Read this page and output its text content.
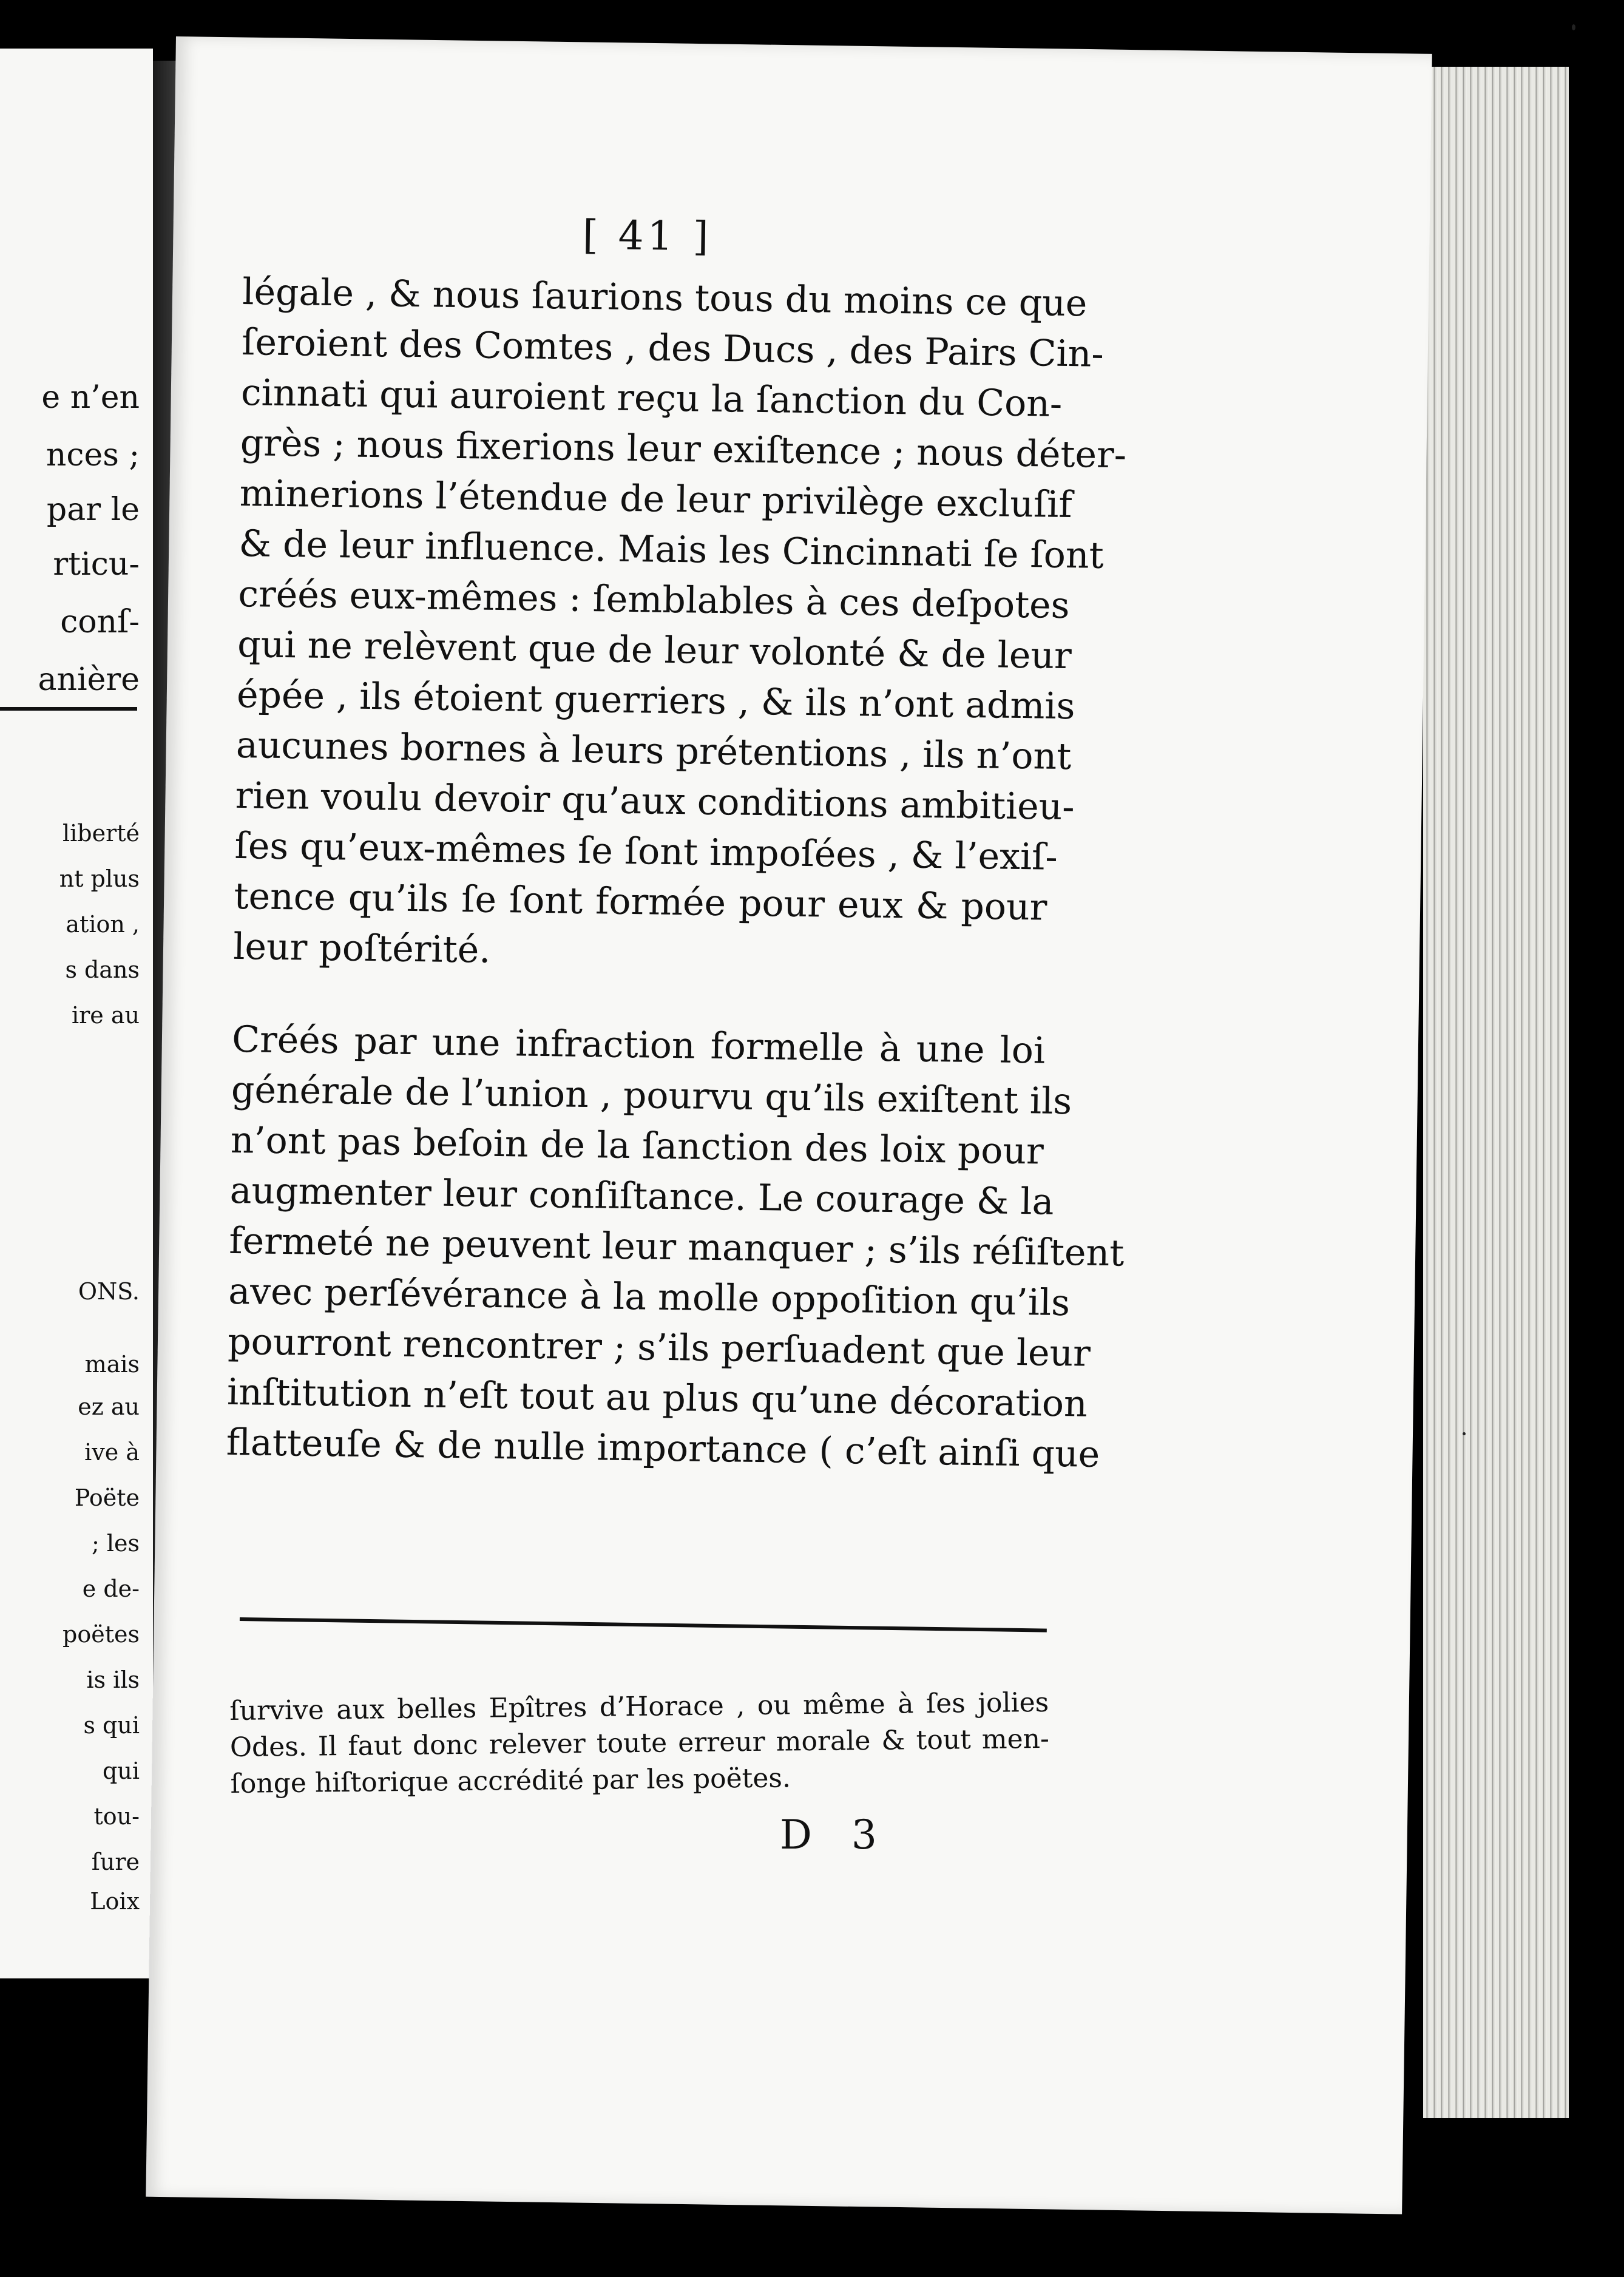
e n’en
nces ;
par le
rticu-
conſ-
anière
liberté
nt plus
ation ,
s dans
ire au
ONS.
mais
ez au
ive à
Poëte
; les
e de-
poëtes
is ils
s qui
qui
tou-
ſure
Loix
[ 41 ]
légale , & nous ſaurions tous du moins ce que
ſeroient des Comtes , des Ducs , des Pairs Cin-
cinnati qui auroient reçu la ſanction du Con-
grès ; nous fixerions leur exiſtence ; nous déter-
minerions l’étendue de leur privilège excluſif
& de leur influence. Mais les Cincinnati ſe ſont
créés eux-mêmes : ſemblables à ces deſpotes
qui ne relèvent que de leur volonté & de leur
épée , ils étoient guerriers , & ils n’ont admis
aucunes bornes à leurs prétentions , ils n’ont
rien voulu devoir qu’aux conditions ambitieu-
ſes qu’eux-mêmes ſe ſont impoſées , & l’exiſ-
tence qu’ils ſe ſont formée pour eux & pour
leur poſtérité.
Créés par une infraction formelle à une loi
générale de l’union , pourvu qu’ils exiſtent ils
n’ont pas beſoin de la ſanction des loix pour
augmenter leur conſiſtance. Le courage & la
fermeté ne peuvent leur manquer ; s’ils réſiſtent
avec perſévérance à la molle oppoſition qu’ils
pourront rencontrer ; s’ils perſuadent que leur
inſtitution n’eſt tout au plus qu’une décoration
flatteuſe & de nulle importance ( c’eſt ainſi que
ſurvive aux belles Epîtres d’Horace , ou même à ſes jolies
Odes. Il faut donc relever toute erreur morale & tout men-
ſonge hiſtorique accrédité par les poëtes.
D 3
